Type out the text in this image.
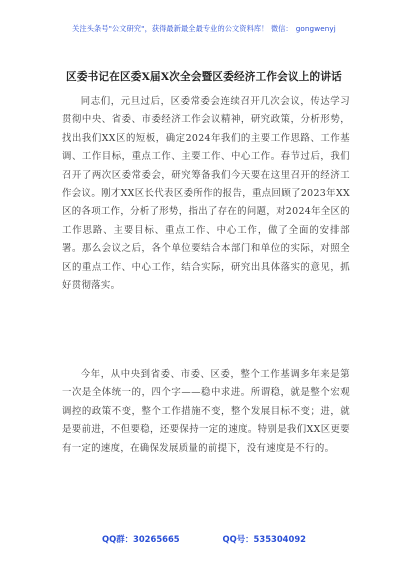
关注头条号"公文研究"，获得最新最全最专业的公文资料库！ 微信： gongwenyj
区委书记在区委X届X次全会暨区委经济工作会议上的讲话
同志们，元旦过后，区委常委会连续召开几次会议，传达学习贯彻中央、省委、市委经济工作会议精神，研究政策，分析形势，找出我们XX区的短板，确定2024年我们的主要工作思路、工作基调、工作目标，重点工作、主要工作、中心工作。春节过后，我们召开了两次区委常委会，研究筹备我们今天要在这里召开的经济工作会议。刚才XX区长代表区委所作的报告，重点回顾了2023年XX区的各项工作，分析了形势，指出了存在的问题，对2024年全区的工作思路、主要目标、重点工作、中心工作，做了全面的安排部署。那么会议之后，各个单位要结合本部门和单位的实际，对照全区的重点工作、中心工作，结合实际，研究出具体落实的意见，抓好贯彻落实。
今年，从中央到省委、市委、区委，整个工作基调多年来是第一次是全体统一的，四个字——稳中求进。所谓稳，就是整个宏观调控的政策不变，整个工作措施不变，整个发展目标不变；进，就是要前进，不但要稳，还要保持一定的速度。特别是我们XX区更要有一定的速度，在确保发展质量的前提下，没有速度是不行的。
QQ群：30265665	QQ号：535304092
